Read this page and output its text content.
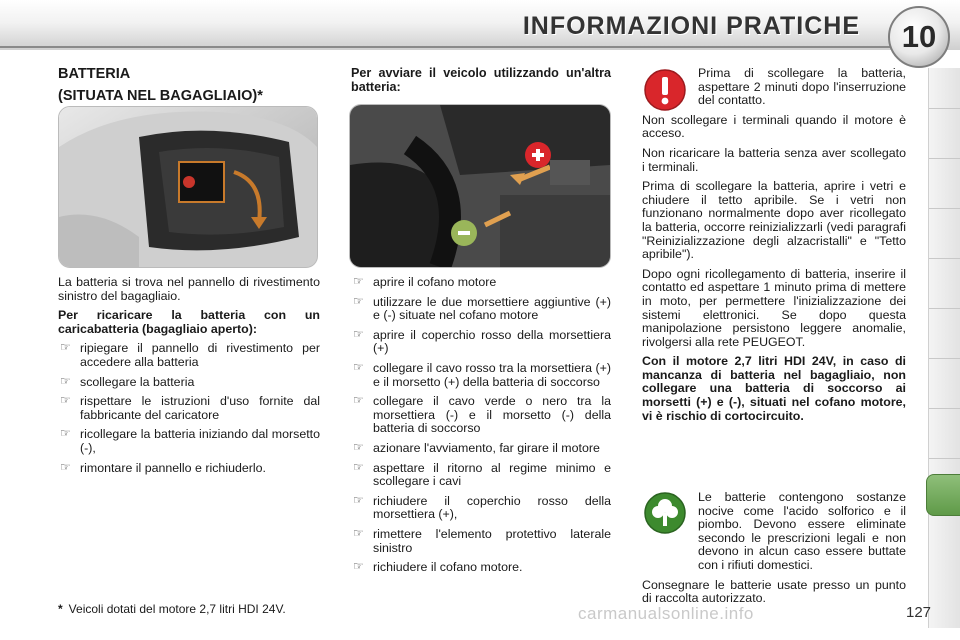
INFORMAZIONI PRATICHE 10

BATTERIA

(SITUATA NEL BAGAGLIAIO)*

La batteria si trova nel pannello di rivestimento sinistro del bagagliaio.

Per ricaricare la batteria con un caricabatteria (bagagliaio aperto):

☞ ripiegare il pannello di rivestimento per accedere alla batteria
☞ scollegare la batteria
☞ rispettare le istruzioni d'uso fornite dal fabbricante del caricatore
☞ ricollegare la batteria iniziando dal morsetto (-),
☞ rimontare il pannello e richiuderlo.

Per avviare il veicolo utilizzando un'altra batteria:

☞ aprire il cofano motore
☞ utilizzare le due morsettiere aggiuntive (+) e (-) situate nel cofano motore
☞ aprire il coperchio rosso della morsettiera (+)
☞ collegare il cavo rosso tra la morsettiera (+) e il morsetto (+) della batteria di soccorso
☞ collegare il cavo verde o nero tra la morsettiera (-) e il morsetto (-) della batteria di soccorso
☞ azionare l'avviamento, far girare il motore
☞ aspettare il ritorno al regime minimo e scollegare i cavi
☞ richiudere il coperchio rosso della morsettiera (+),
☞ rimettere l'elemento protettivo laterale sinistro
☞ richiudere il cofano motore.

Prima di scollegare la batteria, aspettare 2 minuti dopo l'inserruzione del contatto.

Non scollegare i terminali quando il motore è acceso.

Non ricaricare la batteria senza aver scollegato i terminali.

Prima di scollegare la batteria, aprire i vetri e chiudere il tetto apribile. Se i vetri non funzionano normalmente dopo aver ricollegato la batteria, occorre reinizializzarli (vedi paragrafi "Reinizializzazione degli alzacristalli" e "Tetto apribile").

Dopo ogni ricollegamento di batteria, inserire il contatto ed aspettare 1 minuto prima di mettere in moto, per permettere l'inizializzazione dei sistemi elettronici. Se dopo questa manipolazione persistono leggere anomalie, rivolgersi alla rete PEUGEOT.

Con il motore 2,7 litri HDI 24V, in caso di mancanza di batteria nel bagagliaio, non collegare una batteria di soccorso ai morsetti (+) e (-), situati nel cofano motore, vi è rischio di cortocircuito.

Le batterie contengono sostanze nocive come l'acido solforico e il piombo. Devono essere eliminate secondo le prescrizioni legali e non devono in alcun caso essere buttate con i rifiuti domestici.

Consegnare le batterie usate presso un punto di raccolta autorizzato.

* Veicoli dotati del motore 2,7 litri HDI 24V.	carmanualsonline.info	127
